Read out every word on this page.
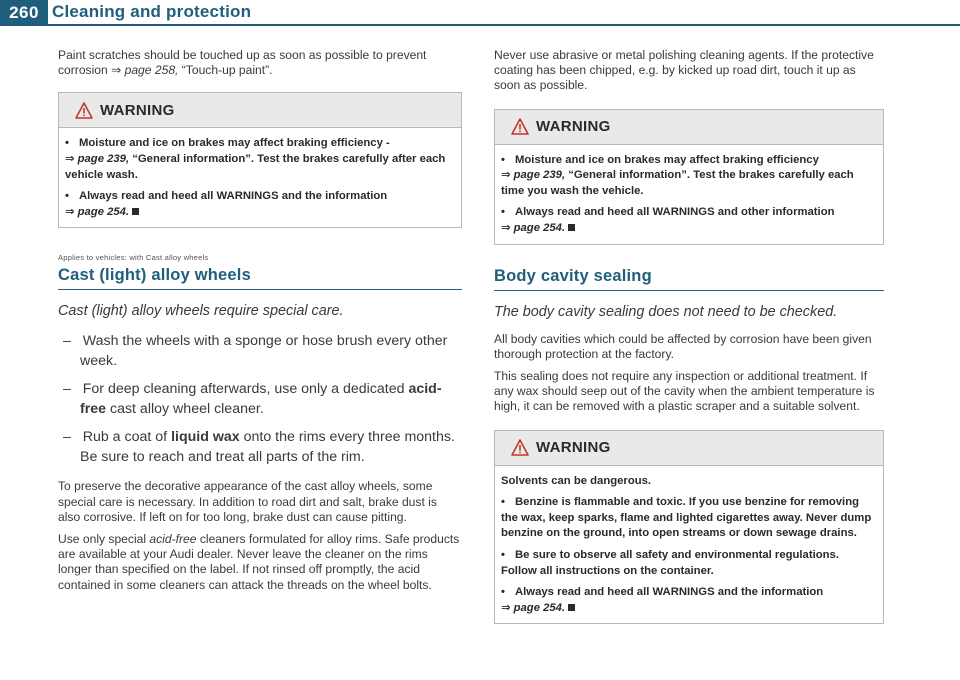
260 Cleaning and protection

Paint scratches should be touched up as soon as possible to prevent corrosion ⇒ page 258, “Touch-up paint”.

WARNING
• Moisture and ice on brakes may affect braking efficiency -
⇒ page 239, “General information”. Test the brakes carefully after each vehicle wash.
• Always read and heed all WARNINGS and the information
⇒ page 254.
Applies to vehicles: with Cast alloy wheels
Cast (light) alloy wheels
Cast (light) alloy wheels require special care.
– Wash the wheels with a sponge or hose brush every other week.
– For deep cleaning afterwards, use only a dedicated acid-free cast alloy wheel cleaner.
– Rub a coat of liquid wax onto the rims every three months. Be sure to reach and treat all parts of the rim.

To preserve the decorative appearance of the cast alloy wheels, some special care is necessary. In addition to road dirt and salt, brake dust is also corrosive. If left on for too long, brake dust can cause pitting.

Use only special acid-free cleaners formulated for alloy rims. Safe products are available at your Audi dealer. Never leave the cleaner on the rims longer than specified on the label. If not rinsed off promptly, the acid contained in some cleaners can attack the threads on the wheel bolts.

Never use abrasive or metal polishing cleaning agents. If the protective coating has been chipped, e.g. by kicked up road dirt, touch it up as soon as possible.

WARNING
• Moisture and ice on brakes may affect braking efficiency
⇒ page 239, “General information”. Test the brakes carefully each time you wash the vehicle.
• Always read and heed all WARNINGS and other information
⇒ page 254.
Body cavity sealing
The body cavity sealing does not need to be checked.

All body cavities which could be affected by corrosion have been given thorough protection at the factory.

This sealing does not require any inspection or additional treatment. If any wax should seep out of the cavity when the ambient temperature is high, it can be removed with a plastic scraper and a suitable solvent.

WARNING
Solvents can be dangerous.
• Benzine is flammable and toxic. If you use benzine for removing the wax, keep sparks, flame and lighted cigarettes away. Never dump benzine on the ground, into open streams or down sewage drains.
• Be sure to observe all safety and environmental regulations. Follow all instructions on the container.
• Always read and heed all WARNINGS and the information
⇒ page 254.
